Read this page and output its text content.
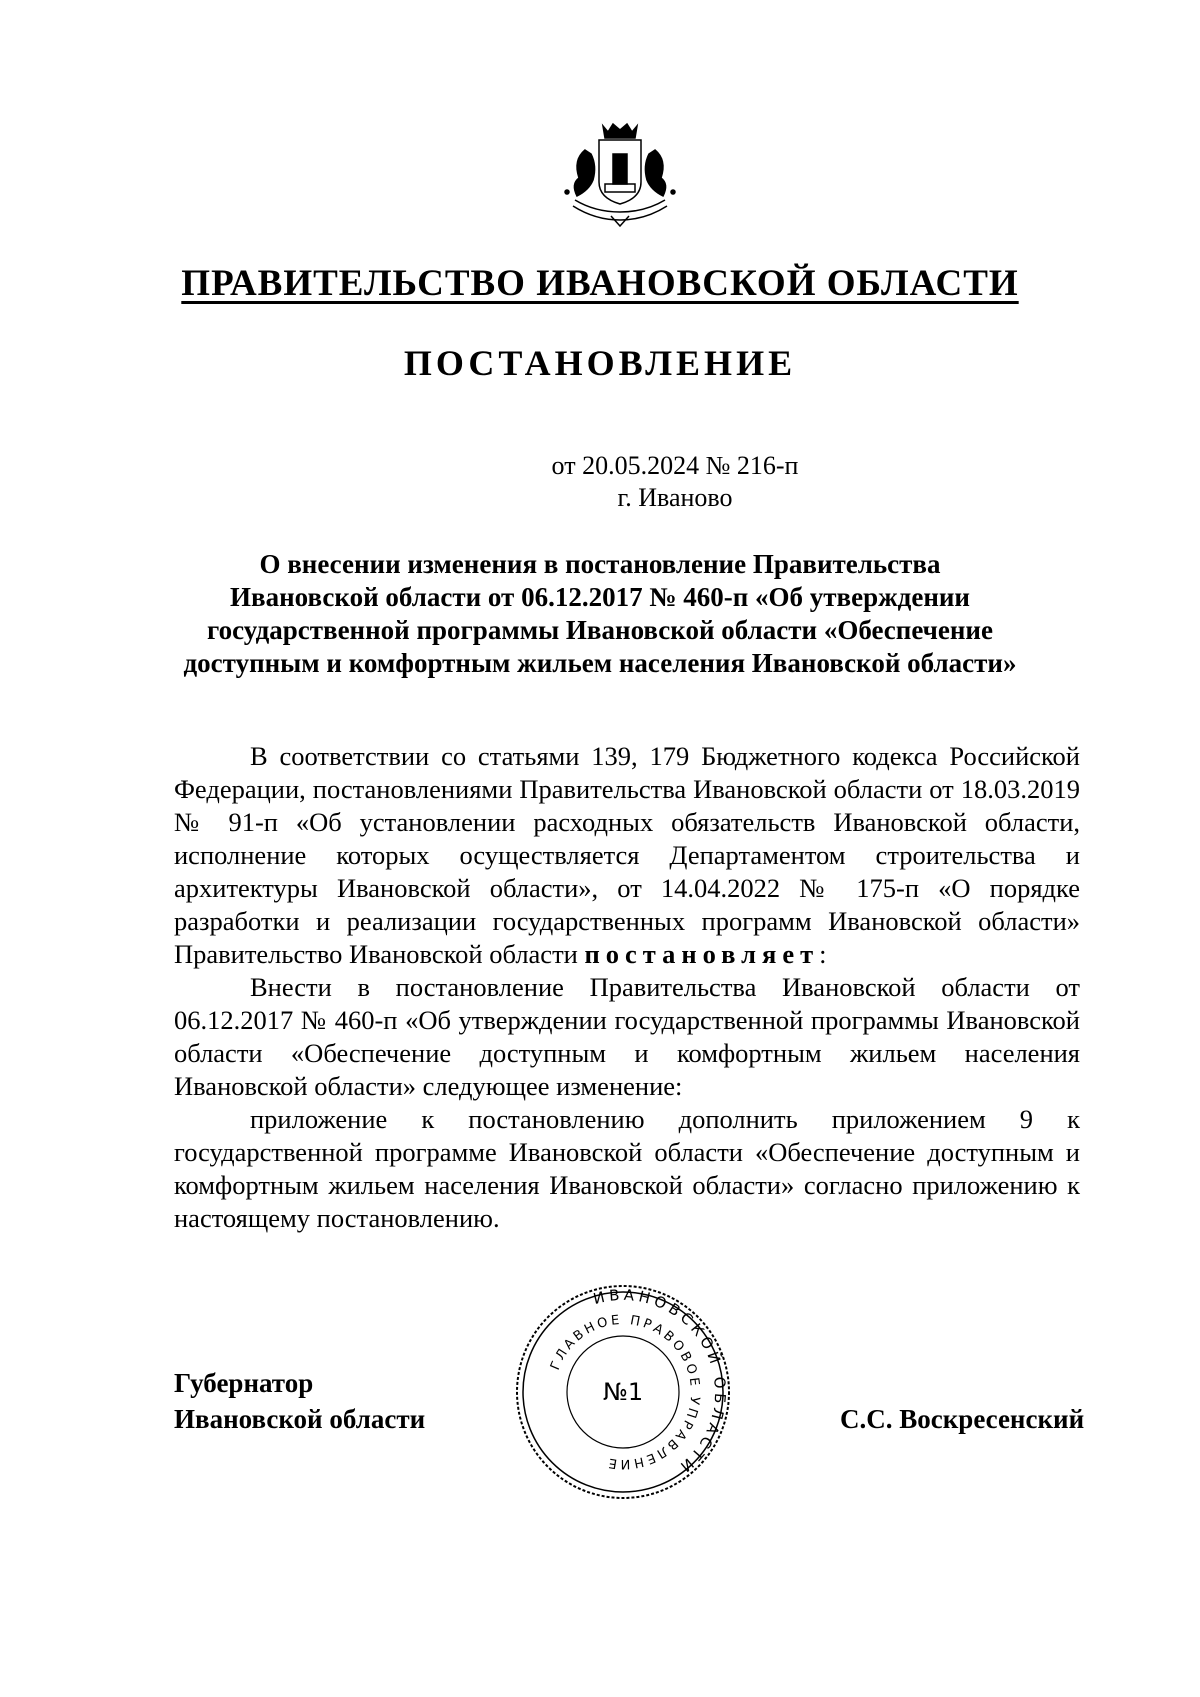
ПРАВИТЕЛЬСТВО ИВАНОВСКОЙ ОБЛАСТИ
ПОСТАНОВЛЕНИЕ
от 20.05.2024 № 216-п
г. Иваново
О внесении изменения в постановление Правительства
Ивановской области от 06.12.2017 № 460-п «Об утверждении
государственной программы Ивановской области «Обеспечение
доступным и комфортным жильем населения Ивановской области»

В соответствии со статьями 139, 179 Бюджетного кодекса Российской Федерации, постановлениями Правительства Ивановской области от 18.03.2019 № 91-п «Об установлении расходных обязательств Ивановской области, исполнение которых осуществляется Департаментом строительства и архитектуры Ивановской области», от 14.04.2022 № 175-п «О порядке разработки и реализации государственных программ Ивановской области» Правительство Ивановской области постановляет:

Внести в постановление Правительства Ивановской области от 06.12.2017 № 460-п «Об утверждении государственной программы Ивановской области «Обеспечение доступным и комфортным жильем населения Ивановской области» следующее изменение:

приложение к постановлению дополнить приложением 9 к государственной программе Ивановской области «Обеспечение доступным и комфортным жильем населения Ивановской области» согласно приложению к настоящему постановлению.

Губернатор
Ивановской области	С.С. Воскресенский
ИВАНОВСКОЙ ОБЛАСТИ
ГЛАВНОЕ ПРАВОВОЕ УПРАВЛЕНИЕ
№1
